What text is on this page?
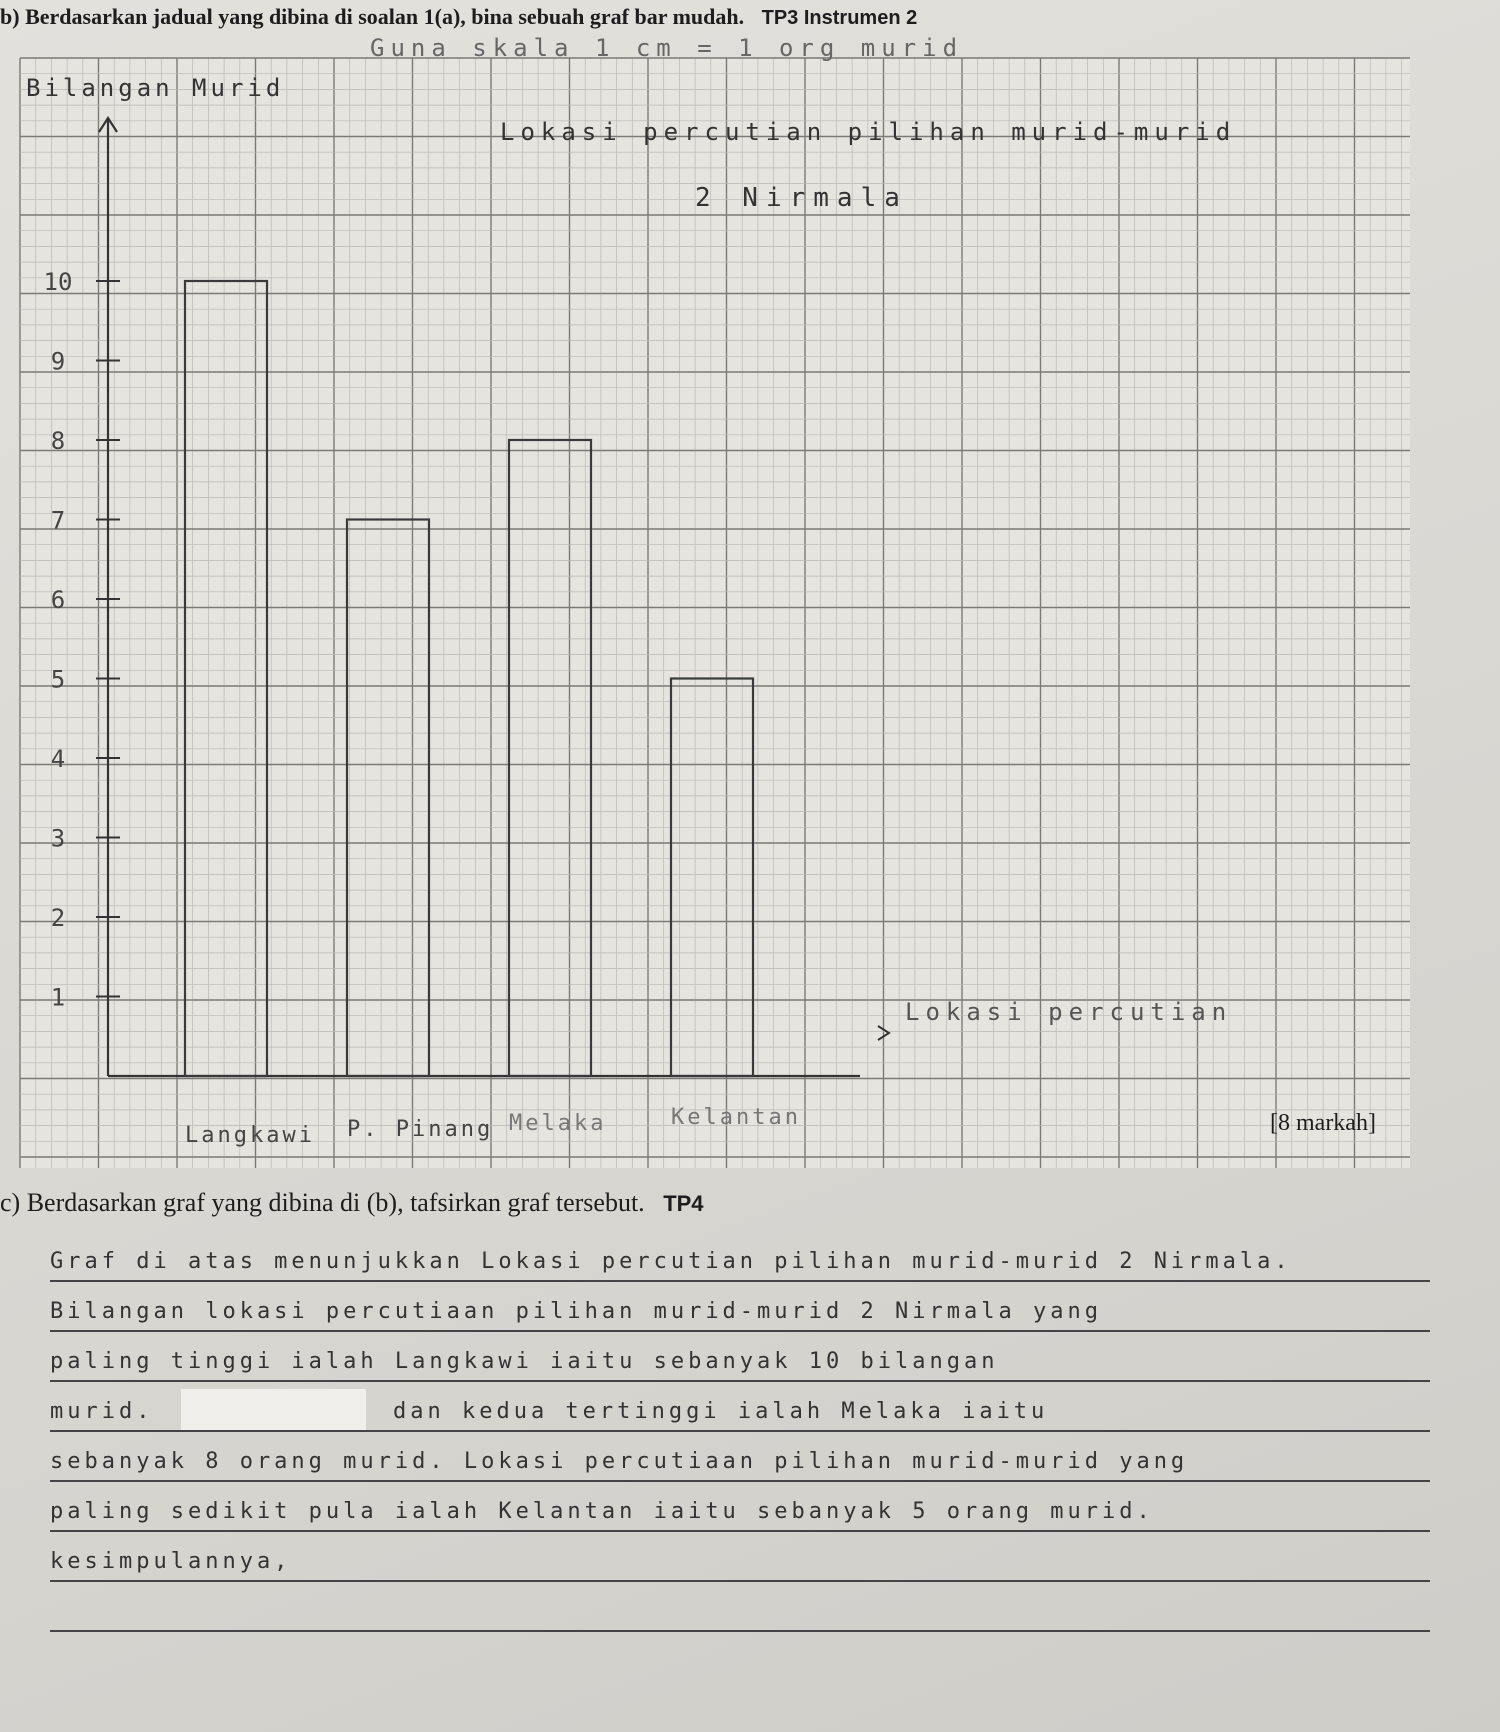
b) Berdasarkan jadual yang dibina di soalan 1(a), bina sebuah graf bar mudah. TP3 Instrumen 2
1
2
3
4
5
6
7
8
9
10
Langkawi P. Pinang Melaka	Kelantan
Guna skala 1 cm = 1 org murid
Bilangan Murid
Lokasi percutian pilihan murid-murid
2 Nirmala
Lokasi percutian
[8 markah]
c) Berdasarkan graf yang dibina di (b), tafsirkan graf tersebut. TP4
Graf di atas menunjukkan Lokasi percutian pilihan murid-murid 2 Nirmala.
Bilangan lokasi percutiaan pilihan murid-murid 2 Nirmala yang
paling tinggi ialah Langkawi iaitu sebanyak 10 bilangan
murid.	dan kedua tertinggi ialah Melaka iaitu
sebanyak 8 orang murid. Lokasi percutiaan pilihan murid-murid yang
paling sedikit pula ialah Kelantan iaitu sebanyak 5 orang murid.
kesimpulannya,
